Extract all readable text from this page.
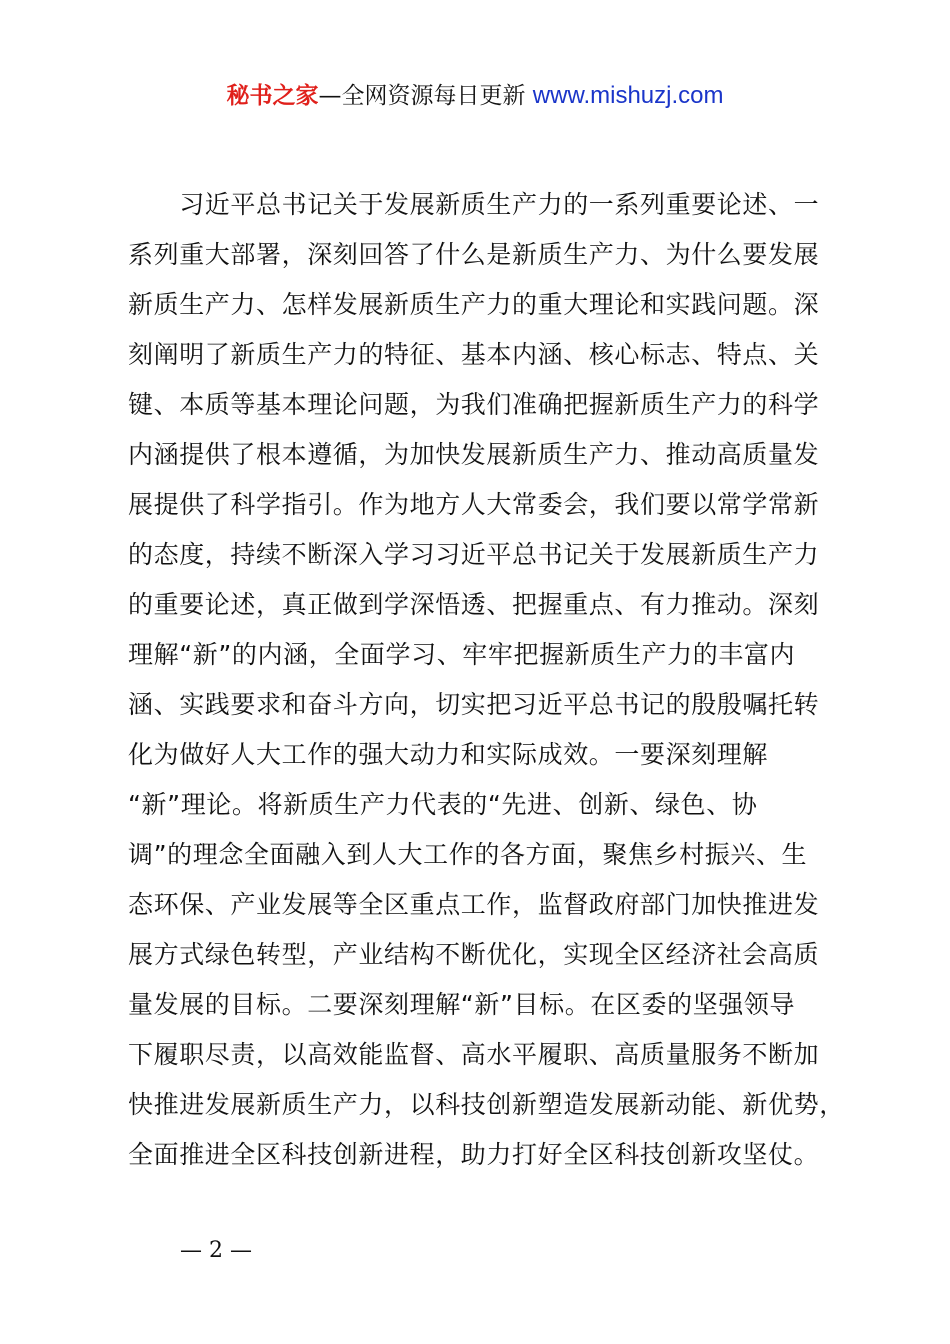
秘书之家—全网资源每日更新 www.mishuzj.com
　　习近平总书记关于发展新质生产力的一系列重要论述、一
系列重大部署，深刻回答了什么是新质生产力、为什么要发展
新质生产力、怎样发展新质生产力的重大理论和实践问题。深
刻阐明了新质生产力的特征、基本内涵、核心标志、特点、关
键、本质等基本理论问题，为我们准确把握新质生产力的科学
内涵提供了根本遵循，为加快发展新质生产力、推动高质量发
展提供了科学指引。作为地方人大常委会，我们要以常学常新
的态度，持续不断深入学习习近平总书记关于发展新质生产力
的重要论述，真正做到学深悟透、把握重点、有力推动。深刻
理解“新”的内涵，全面学习、牢牢把握新质生产力的丰富内
涵、实践要求和奋斗方向，切实把习近平总书记的殷殷嘱托转
化为做好人大工作的强大动力和实际成效。一要深刻理解
“新”理论。将新质生产力代表的“先进、创新、绿色、协
调”的理念全面融入到人大工作的各方面，聚焦乡村振兴、生
态环保、产业发展等全区重点工作，监督政府部门加快推进发
展方式绿色转型，产业结构不断优化，实现全区经济社会高质
量发展的目标。二要深刻理解“新”目标。在区委的坚强领导
下履职尽责，以高效能监督、高水平履职、高质量服务不断加
快推进发展新质生产力，以科技创新塑造发展新动能、新优势，
全面推进全区科技创新进程，助力打好全区科技创新攻坚仗。
— 2 —
